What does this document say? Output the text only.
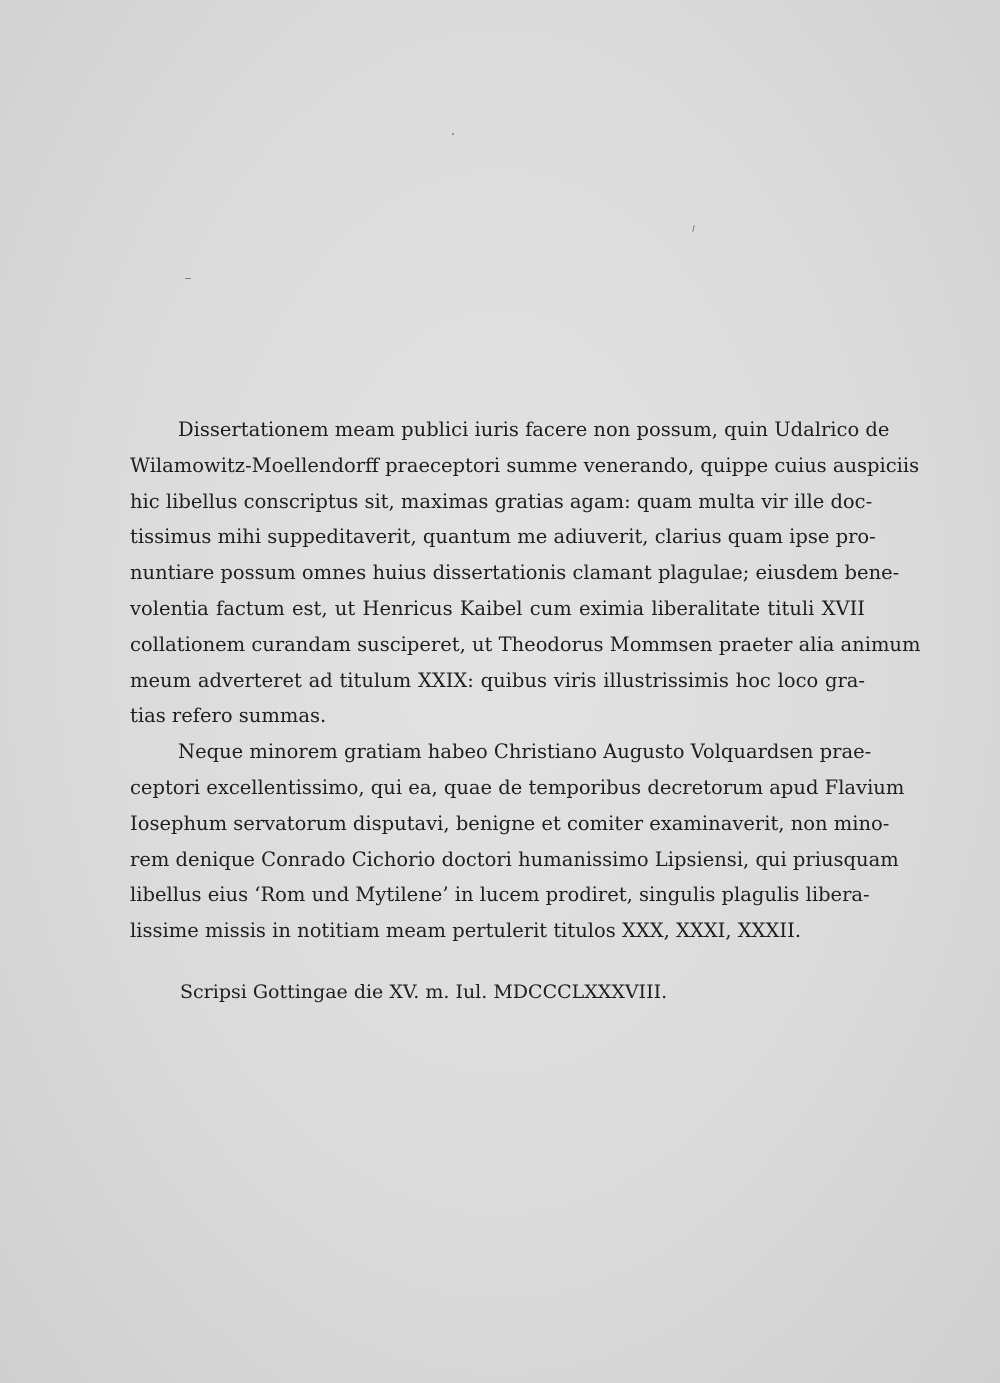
Dissertationem meam publici iuris facere non possum, quin Udalrico de
Wilamowitz-Moellendorff praeceptori summe venerando, quippe cuius auspiciis
hic libellus conscriptus sit, maximas gratias agam: quam multa vir ille doc-
tissimus mihi suppeditaverit, quantum me adiuverit, clarius quam ipse pro-
nuntiare possum omnes huius dissertationis clamant plagulae; eiusdem bene-
volentia factum est, ut Henricus Kaibel cum eximia liberalitate tituli XVII
collationem curandam susciperet, ut Theodorus Mommsen praeter alia animum
meum adverteret ad titulum XXIX: quibus viris illustrissimis hoc loco gra-
tias refero summas.
Neque minorem gratiam habeo Christiano Augusto Volquardsen prae-
ceptori excellentissimo, qui ea, quae de temporibus decretorum apud Flavium
Iosephum servatorum disputavi, benigne et comiter examinaverit, non mino-
rem denique Conrado Cichorio doctori humanissimo Lipsiensi, qui priusquam
libellus eius ‘Rom und Mytilene’ in lucem prodiret, singulis plagulis libera-
lissime missis in notitiam meam pertulerit titulos XXX, XXXI, XXXII.
Scripsi Gottingae die XV. m. Iul. MDCCCLXXXVIII.
